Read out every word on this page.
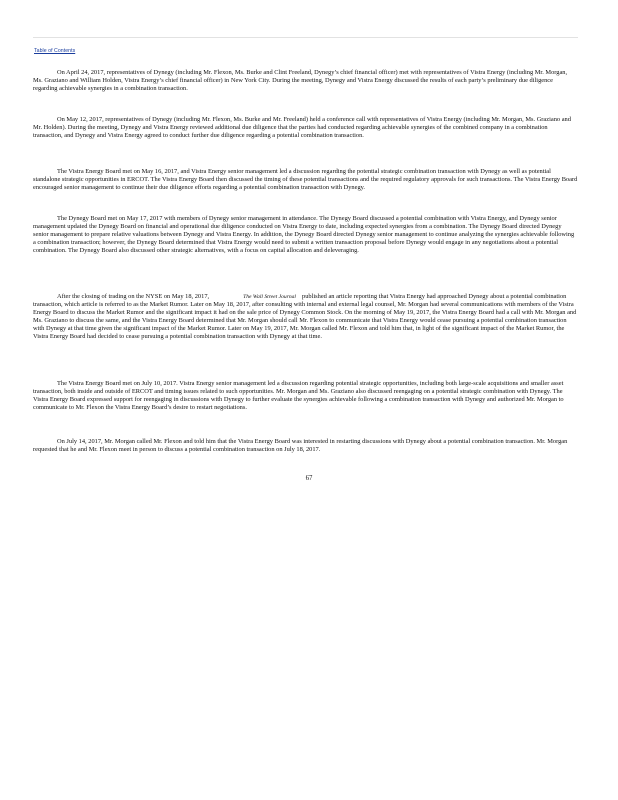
Table of Contents

On April 24, 2017, representatives of Dynegy (including Mr. Flexon, Ms. Burke and Clint Freeland, Dynegy’s chief financial officer) met with representatives of Vistra Energy (including Mr. Morgan, Ms. Graziano and William Holden, Vistra Energy’s chief financial officer) in New York City. During the meeting, Dynegy and Vistra Energy discussed the results of each party’s preliminary due diligence regarding achievable synergies in a combination transaction.

On May 12, 2017, representatives of Dynegy (including Mr. Flexon, Ms. Burke and Mr. Freeland) held a conference call with representatives of Vistra Energy (including Mr. Morgan, Ms. Graziano and Mr. Holden). During the meeting, Dynegy and Vistra Energy reviewed additional due diligence that the parties had conducted regarding achievable synergies of the combined company in a combination transaction, and Dynegy and Vistra Energy agreed to conduct further due diligence regarding a potential combination transaction.

The Vistra Energy Board met on May 16, 2017, and Vistra Energy senior management led a discussion regarding the potential strategic combination transaction with Dynegy as well as potential standalone strategic opportunities in ERCOT. The Vistra Energy Board then discussed the timing of these potential transactions and the required regulatory approvals for such transactions. The Vistra Energy Board encouraged senior management to continue their due diligence efforts regarding a potential combination transaction with Dynegy.

The Dynegy Board met on May 17, 2017 with members of Dynegy senior management in attendance. The Dynegy Board discussed a potential combination with Vistra Energy, and Dynegy senior management updated the Dynegy Board on financial and operational due diligence conducted on Vistra Energy to date, including expected synergies from a combination. The Dynegy Board directed Dynegy senior management to prepare relative valuations between Dynegy and Vistra Energy. In addition, the Dynegy Board directed Dynegy senior management to continue analyzing the synergies achievable following a combination transaction; however, the Dynegy Board determined that Vistra Energy would need to submit a written transaction proposal before Dynegy would engage in any negotiations about a potential combination. The Dynegy Board also discussed other strategic alternatives, with a focus on capital allocation and deleveraging.

After the closing of trading on the NYSE on May 18, 2017,	The Wall Street Journal published an article reporting that Vistra Energy had approached Dynegy about a potential combination transaction, which article is referred to as the Market Rumor. Later on May 18, 2017, after consulting with internal and external legal counsel, Mr. Morgan had several communications with members of the Vistra Energy Board to discuss the Market Rumor and the significant impact it had on the sale price of Dynegy Common Stock. On the morning of May 19, 2017, the Vistra Energy Board had a call with Mr. Morgan and Ms. Graziano to discuss the same, and the Vistra Energy Board determined that Mr. Morgan should call Mr. Flexon to communicate that Vistra Energy would cease pursuing a potential combination transaction with Dynegy at that time given the significant impact of the Market Rumor. Later on May 19, 2017, Mr. Morgan called Mr. Flexon and told him that, in light of the significant impact of the Market Rumor, the Vistra Energy Board had decided to cease pursuing a potential combination transaction with Dynegy at that time.

The Vistra Energy Board met on July 10, 2017. Vistra Energy senior management led a discussion regarding potential strategic opportunities, including both large-scale acquisitions and smaller asset transaction, both inside and outside of ERCOT and timing issues related to such opportunities. Mr. Morgan and Ms. Graziano also discussed reengaging on a potential strategic combination with Dynegy. The Vistra Energy Board expressed support for reengaging in discussions with Dynegy to further evaluate the synergies achievable following a combination transaction with Dynegy and authorized Mr. Morgan to communicate to Mr. Flexon the Vistra Energy Board’s desire to restart negotiations.

On July 14, 2017, Mr. Morgan called Mr. Flexon and told him that the Vistra Energy Board was interested in restarting discussions with Dynegy about a potential combination transaction. Mr. Morgan requested that he and Mr. Flexon meet in person to discuss a potential combination transaction on July 18, 2017.

67
